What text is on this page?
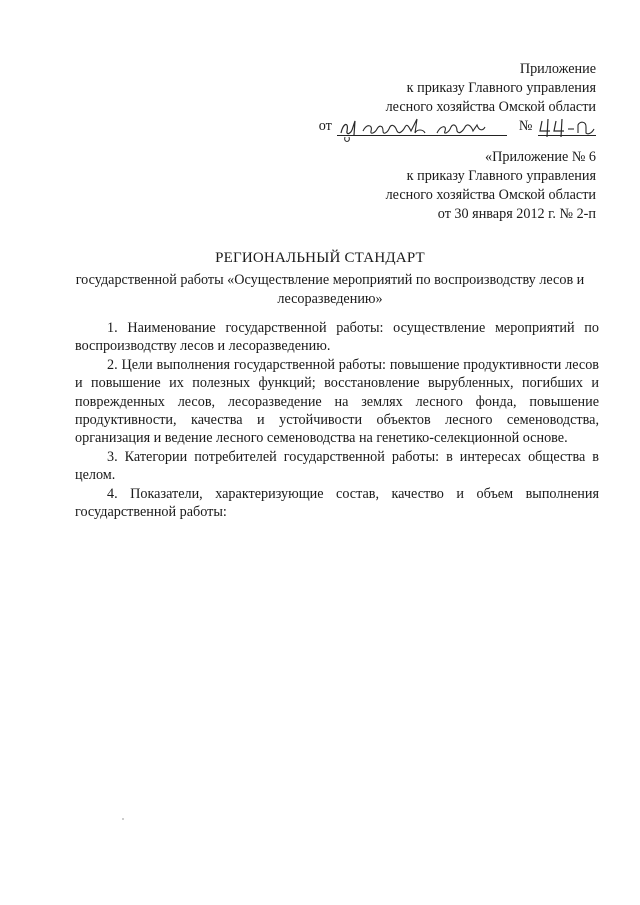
Приложение
к приказу Главного управления
лесного хозяйства Омской области
от	№
«Приложение № 6
к приказу Главного управления
лесного хозяйства Омской области
от 30 января 2012 г. № 2-п
РЕГИОНАЛЬНЫЙ СТАНДАРТ
государственной работы «Осуществление мероприятий по воспроизводству лесов и лесоразведению»

1. Наименование государственной работы: осуществление мероприятий по воспроизводству лесов и лесоразведению.

2. Цели выполнения государственной работы: повышение продуктивности лесов и повышение их полезных функций; восстановление вырубленных, погибших и поврежденных лесов, лесоразведение на землях лесного фонда, повышение продуктивности, качества и устойчивости объектов лесного семеноводства, организация и ведение лесного семеноводства на генетико-селекционной основе.

3. Категории потребителей государственной работы: в интересах общества в целом.

4. Показатели, характеризующие состав, качество и объем выполнения государственной работы:
